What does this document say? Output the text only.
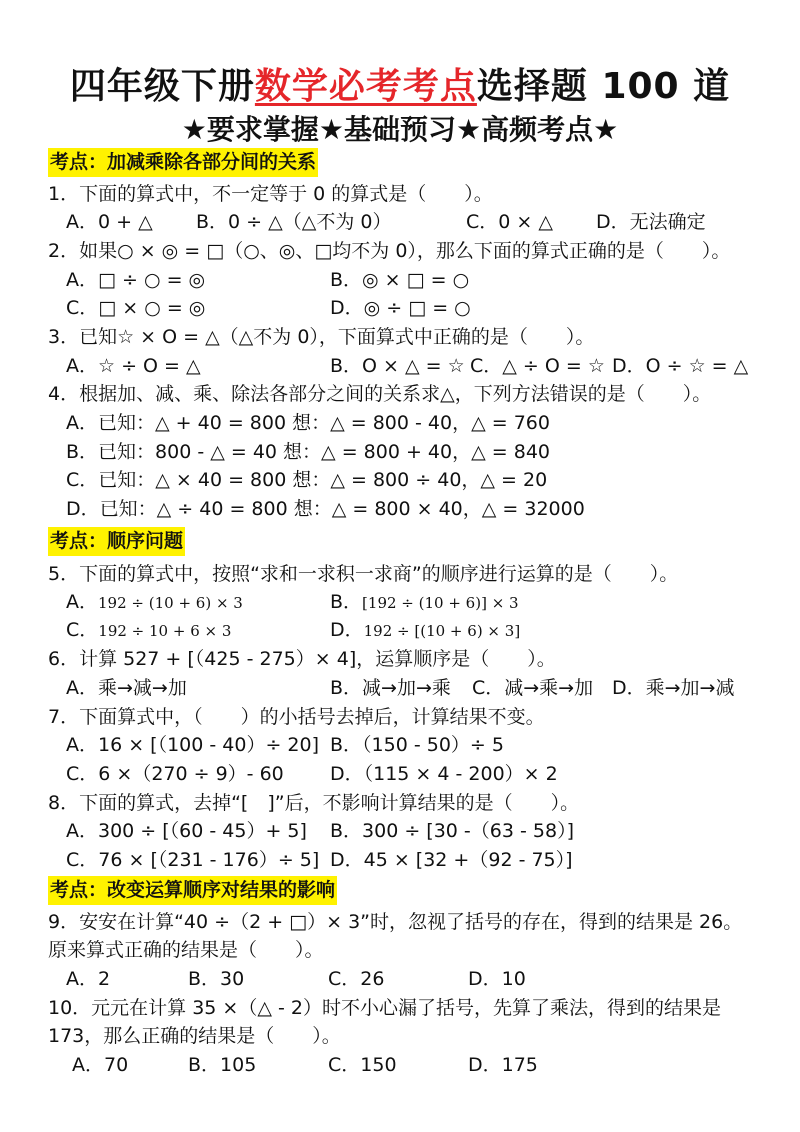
四年级下册数学必考考点选择题 100 道
★要求掌握★基础预习★高频考点★
考点：加减乘除各部分间的关系
1．下面的算式中，不一定等于 0 的算式是（　　）。
A．0 + △ B．0 ÷ △（△不为 0）	C．0 × △ D．无法确定
2．如果○ × ◎ = □（○、◎、□均不为 0），那么下面的算式正确的是（　　）。
A．□ ÷ ○ = ◎	B．◎ × □ = ○
C．□ × ○ = ◎	D．◎ ÷ □ = ○
3．已知☆ × O = △（△不为 0），下面算式中正确的是（　　）。
A．☆ ÷ O = △	B．O × △ = ☆ C．△ ÷ O = ☆ D．O ÷ ☆ = △
4．根据加、减、乘、除法各部分之间的关系求△，下列方法错误的是（　　）。
A．已知：△ + 40 = 800 想：△ = 800 - 40，△ = 760
B．已知：800 - △ = 40 想：△ = 800 + 40，△ = 840
C．已知：△ × 40 = 800 想：△ = 800 ÷ 40，△ = 20
D．已知：△ ÷ 40 = 800 想：△ = 800 × 40，△ = 32000
考点：顺序问题
5．下面的算式中，按照“求和一求积一求商”的顺序进行运算的是（　　）。
A．192 ÷ (10 + 6) × 3	B．[192 ÷ (10 + 6)] × 3
C．192 ÷ 10 + 6 × 3	D．192 ÷ [(10 + 6) × 3]
6．计算 527 + [（425 - 275）× 4]，运算顺序是（　　）。
A．乘→减→加	B．减→加→乘 C．减→乘→加 D．乘→加→减
7．下面算式中，（　　）的小括号去掉后，计算结果不变。
A．16 × [（100 - 40）÷ 20] B．（150 - 50）÷ 5
C．6 ×（270 ÷ 9）- 60 D．（115 × 4 - 200）× 2
8．下面的算式，去掉“[　]”后，不影响计算结果的是（　　）。
A．300 ÷ [（60 - 45）+ 5] B．300 ÷ [30 -（63 - 58）]
C．76 × [（231 - 176）÷ 5] D．45 × [32 +（92 - 75）]
考点：改变运算顺序对结果的影响
9．安安在计算“40 ÷（2 + □）× 3”时，忽视了括号的存在，得到的结果是 26。
原来算式正确的结果是（　　）。
A．2	B．30	C．26	D．10
10．元元在计算 35 ×（△ - 2）时不小心漏了括号，先算了乘法，得到的结果是
173，那么正确的结果是（　　）。
A．70	B．105	C．150	D．175
